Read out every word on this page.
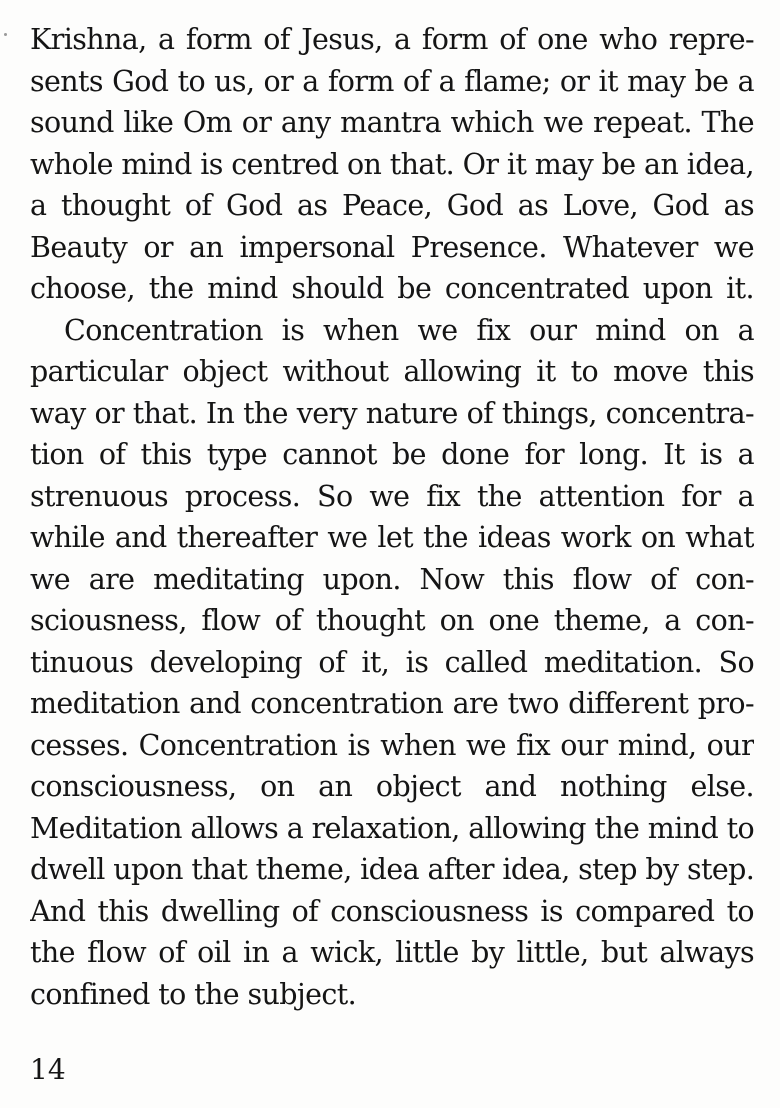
Krishna, a form of Jesus, a form of one who repre-
sents God to us, or a form of a flame; or it may be a
sound like Om or any mantra which we repeat. The
whole mind is centred on that. Or it may be an idea,
a thought of God as Peace, God as Love, God as
Beauty or an impersonal Presence. Whatever we
choose, the mind should be concentrated upon it.
Concentration is when we fix our mind on a
particular object without allowing it to move this
way or that. In the very nature of things, concentra-
tion of this type cannot be done for long. It is a
strenuous process. So we fix the attention for a
while and thereafter we let the ideas work on what
we are meditating upon. Now this flow of con-
sciousness, flow of thought on one theme, a con-
tinuous developing of it, is called meditation. So
meditation and concentration are two different pro-
cesses. Concentration is when we fix our mind, our
consciousness, on an object and nothing else.
Meditation allows a relaxation, allowing the mind to
dwell upon that theme, idea after idea, step by step.
And this dwelling of consciousness is compared to
the flow of oil in a wick, little by little, but always
confined to the subject.
14
